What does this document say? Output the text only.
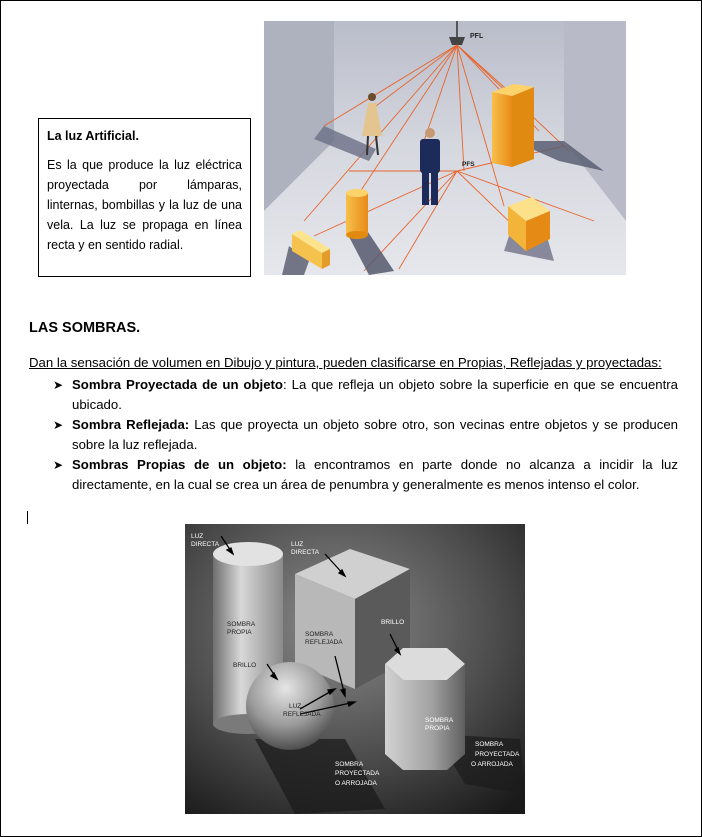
La luz Artificial.
Es la que produce la luz eléctrica proyectada por lámparas, linternas, bombillas y la luz de una vela. La luz se propaga en línea recta y en sentido radial.
PFL
PFS
LAS SOMBRAS.
Dan la sensación de volumen en Dibujo y pintura, pueden clasificarse en Propias, Reflejadas y proyectadas:
➤ Sombra Proyectada de un objeto: La que refleja un objeto sobre la superficie en que se encuentra ubicado.
➤ Sombra Reflejada: Las que proyecta un objeto sobre otro, son vecinas entre objetos y se producen sobre la luz reflejada.
➤ Sombras Propias de un objeto: la encontramos en parte donde no alcanza a incidir la luz directamente, en la cual se crea un área de penumbra y generalmente es menos intenso el color.
LUZ
DIRECTA	LUZ
DIRECTA
SOMBRA
PROPIA
BRILLO
SOMBRA
REFLEJADA
BRILLO
LUZ
REFLEJADA
SOMBRA
PROPIA
SOMBRA
PROYECTADA
O ARROJADA
SOMBRA
PROYECTADA
O ARROJADA
